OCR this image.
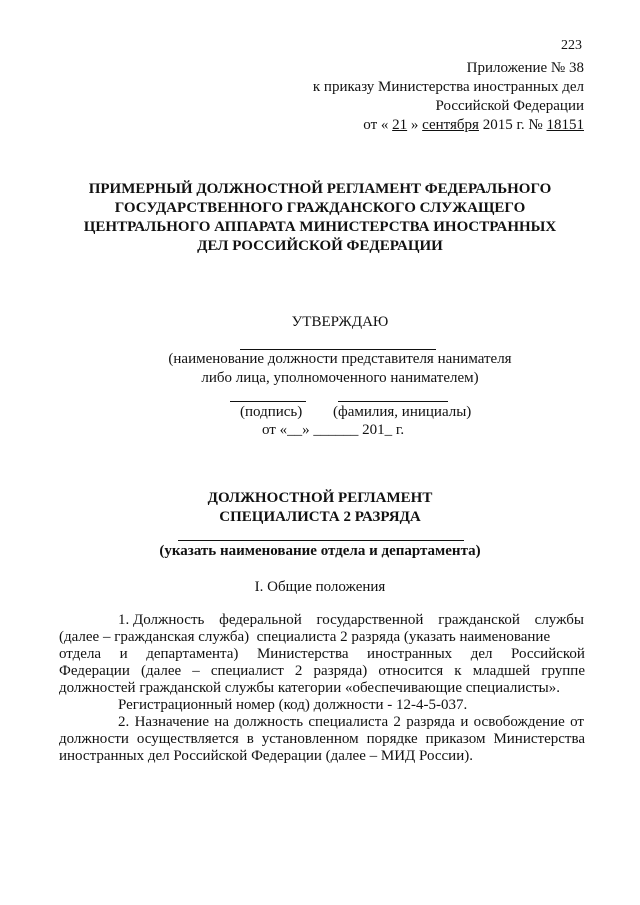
223
Приложение № 38
к приказу Министерства иностранных дел
Российской Федерации
от « 21 » сентября 2015 г. № 18151
ПРИМЕРНЫЙ ДОЛЖНОСТНОЙ РЕГЛАМЕНТ ФЕДЕРАЛЬНОГО
ГОСУДАРСТВЕННОГО ГРАЖДАНСКОГО СЛУЖАЩЕГО
ЦЕНТРАЛЬНОГО АППАРАТА МИНИСТЕРСТВА ИНОСТРАННЫХ
ДЕЛ РОССИЙСКОЙ ФЕДЕРАЦИИ
УТВЕРЖДАЮ
(наименование должности представителя нанимателя
либо лица, уполномоченного нанимателем)
(подпись) (фамилия, инициалы)
от «__» ______ 201_ г.
ДОЛЖНОСТНОЙ РЕГЛАМЕНТ
СПЕЦИАЛИСТА 2 РАЗРЯДА
(указать наименование отдела и департамента)
I. Общие положения
1. Должность федеральной государственной гражданской службы
(далее – гражданская служба)  специалиста 2 разряда (указать наименование
отдела и департамента) Министерства иностранных дел Российской
Федерации (далее – специалист 2 разряда) относится к младшей группе
должностей гражданской службы категории «обеспечивающие специалисты».
Регистрационный номер (код) должности - 12-4-5-037.
2. Назначение на должность специалиста 2 разряда и освобождение от
должности осуществляется в установленном порядке приказом Министерства
иностранных дел Российской Федерации (далее – МИД России).
